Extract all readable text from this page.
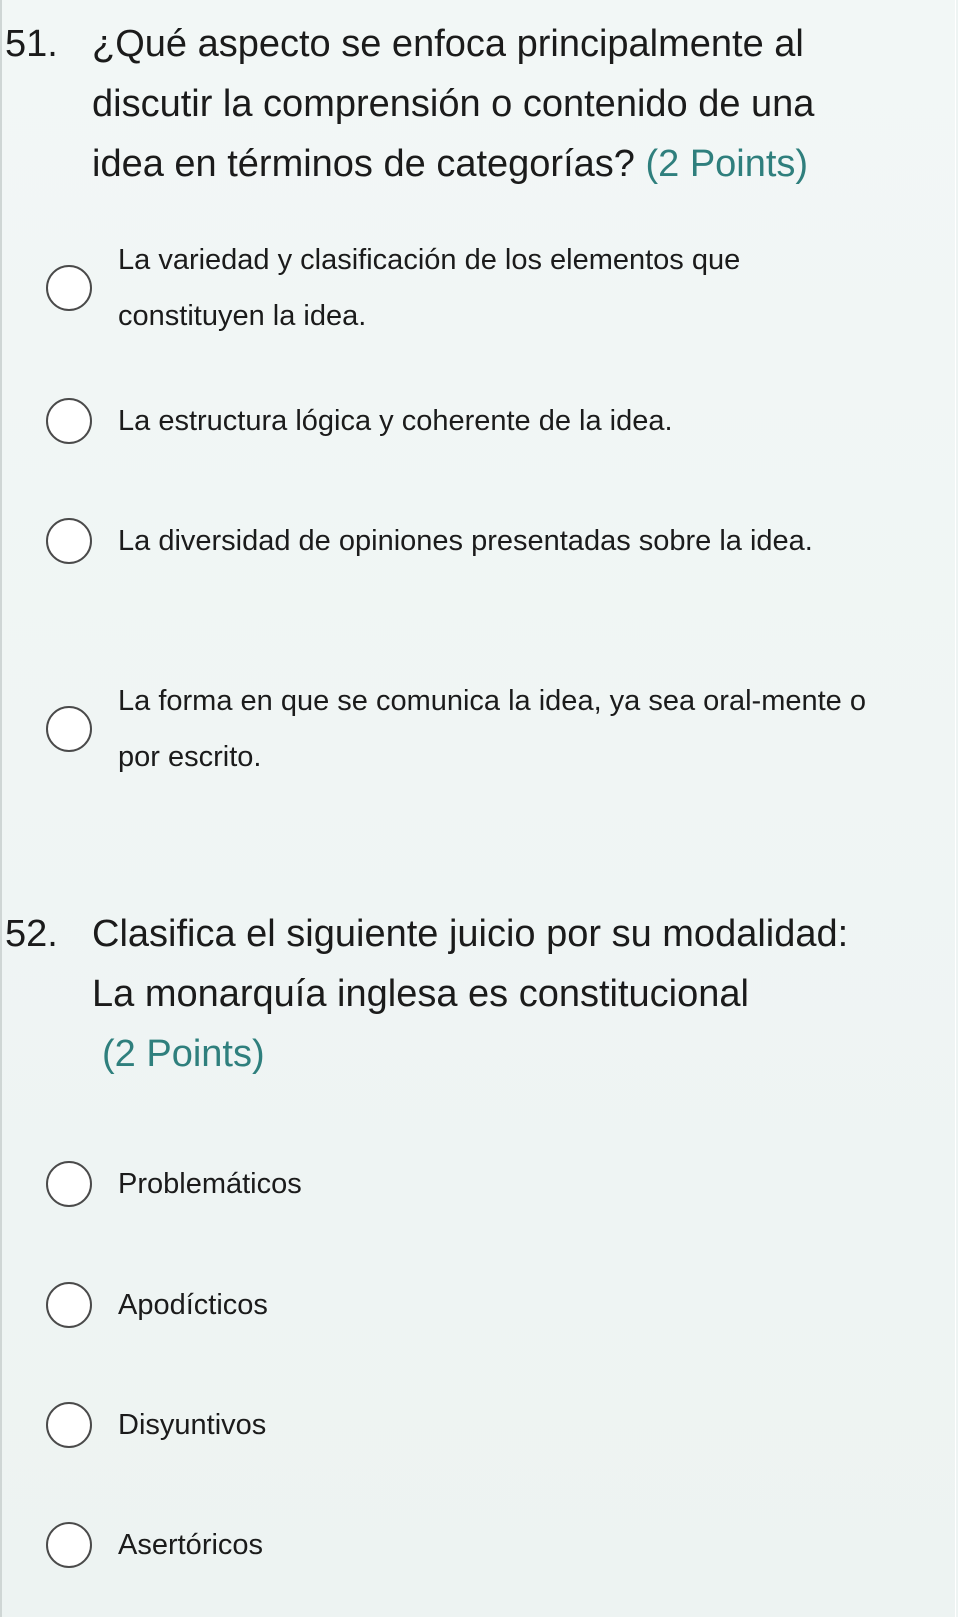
51. ¿Qué aspecto se enfoca principalmente al
discutir la comprensión o contenido de una
idea en términos de categorías? (2 Points)
La variedad y clasificación de los elementos que constituyen la idea.
La estructura lógica y coherente de la idea.
La diversidad de opiniones presentadas sobre la idea.
La forma en que se comunica la idea, ya sea oral-mente o por escrito.
52. Clasifica el siguiente juicio por su modalidad:
La monarquía inglesa es constitucional
(2 Points)
Problemáticos
Apodícticos
Disyuntivos
Asertóricos
